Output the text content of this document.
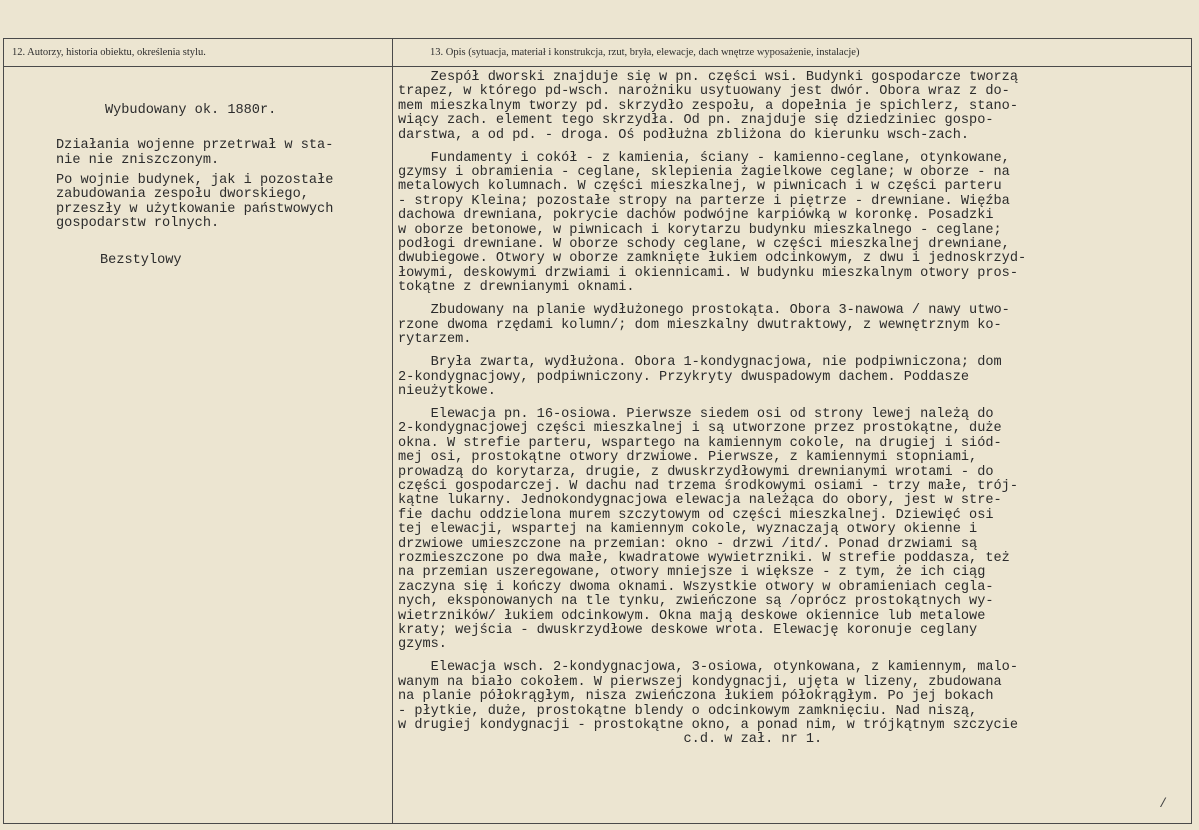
12. Autorzy, historia obiektu, określenia stylu.	13. Opis (sytuacja, materiał i konstrukcja, rzut, bryła, elewacje, dach wnętrze wyposażenie, instalacje)

Wybudowany ok. 1880r.

Działania wojenne przetrwał w sta-
nie nie zniszczonym.

Po wojnie budynek, jak i pozostałe
zabudowania zespołu dworskiego,
przeszły w użytkowanie państwowych
gospodarstw rolnych.

Bezstylowy

Zespół dworski znajduje się w pn. części wsi. Budynki gospodarcze tworzą
trapez, w którego pd-wsch. narożniku usytuowany jest dwór. Obora wraz z do-
mem mieszkalnym tworzy pd. skrzydło zespołu, a dopełnia je spichlerz, stano-
wiący zach. element tego skrzydła. Od pn. znajduje się dziedziniec gospo-
darstwa, a od pd. - droga. Oś podłużna zbliżona do kierunku wsch-zach.
Fundamenty i cokół - z kamienia, ściany - kamienno-ceglane, otynkowane,
gzymsy i obramienia - ceglane, sklepienia żagielkowe ceglane; w oborze - na
metalowych kolumnach. W części mieszkalnej, w piwnicach i w części parteru
- stropy Kleina; pozostałe stropy na parterze i piętrze - drewniane. Więźba
dachowa drewniana, pokrycie dachów podwójne karpiówką w koronkę. Posadzki
w oborze betonowe, w piwnicach i korytarzu budynku mieszkalnego - ceglane;
podłogi drewniane. W oborze schody ceglane, w części mieszkalnej drewniane,
dwubiegowe. Otwory w oborze zamknięte łukiem odcinkowym, z dwu i jednoskrzyd-
łowymi, deskowymi drzwiami i okiennicami. W budynku mieszkalnym otwory pros-
tokątne z drewnianymi oknami.
Zbudowany na planie wydłużonego prostokąta. Obora 3-nawowa / nawy utwo-
rzone dwoma rzędami kolumn/; dom mieszkalny dwutraktowy, z wewnętrznym ko-
rytarzem.
Bryła zwarta, wydłużona. Obora 1-kondygnacjowa, nie podpiwniczona; dom
2-kondygnacjowy, podpiwniczony. Przykryty dwuspadowym dachem. Poddasze
nieużytkowe.
Elewacja pn. 16-osiowa. Pierwsze siedem osi od strony lewej należą do
2-kondygnacjowej części mieszkalnej i są utworzone przez prostokątne, duże
okna. W strefie parteru, wspartego na kamiennym cokole, na drugiej i siód-
mej osi, prostokątne otwory drzwiowe. Pierwsze, z kamiennymi stopniami,
prowadzą do korytarza, drugie, z dwuskrzydłowymi drewnianymi wrotami - do
części gospodarczej. W dachu nad trzema środkowymi osiami - trzy małe, trój-
kątne lukarny. Jednokondygnacjowa elewacja należąca do obory, jest w stre-
fie dachu oddzielona murem szczytowym od części mieszkalnej. Dziewięć osi
tej elewacji, wspartej na kamiennym cokole, wyznaczają otwory okienne i
drzwiowe umieszczone na przemian: okno - drzwi /itd/. Ponad drzwiami są
rozmieszczone po dwa małe, kwadratowe wywietrzniki. W strefie poddasza, też
na przemian uszeregowane, otwory mniejsze i większe - z tym, że ich ciąg
zaczyna się i kończy dwoma oknami. Wszystkie otwory w obramieniach cegla-
nych, eksponowanych na tle tynku, zwieńczone są /oprócz prostokątnych wy-
wietrzników/ łukiem odcinkowym. Okna mają deskowe okiennice lub metalowe
kraty; wejścia - dwuskrzydłowe deskowe wrota. Elewację koronuje ceglany
gzyms.
Elewacja wsch. 2-kondygnacjowa, 3-osiowa, otynkowana, z kamiennym, malo-
wanym na biało cokołem. W pierwszej kondygnacji, ujęta w lizeny, zbudowana
na planie półokrągłym, nisza zwieńczona łukiem półokrągłym. Po jej bokach
- płytkie, duże, prostokątne blendy o odcinkowym zamknięciu. Nad niszą,
w drugiej kondygnacji - prostokątne okno, a ponad nim, w trójkątnym szczycie
c.d. w zał. nr 1.
/
